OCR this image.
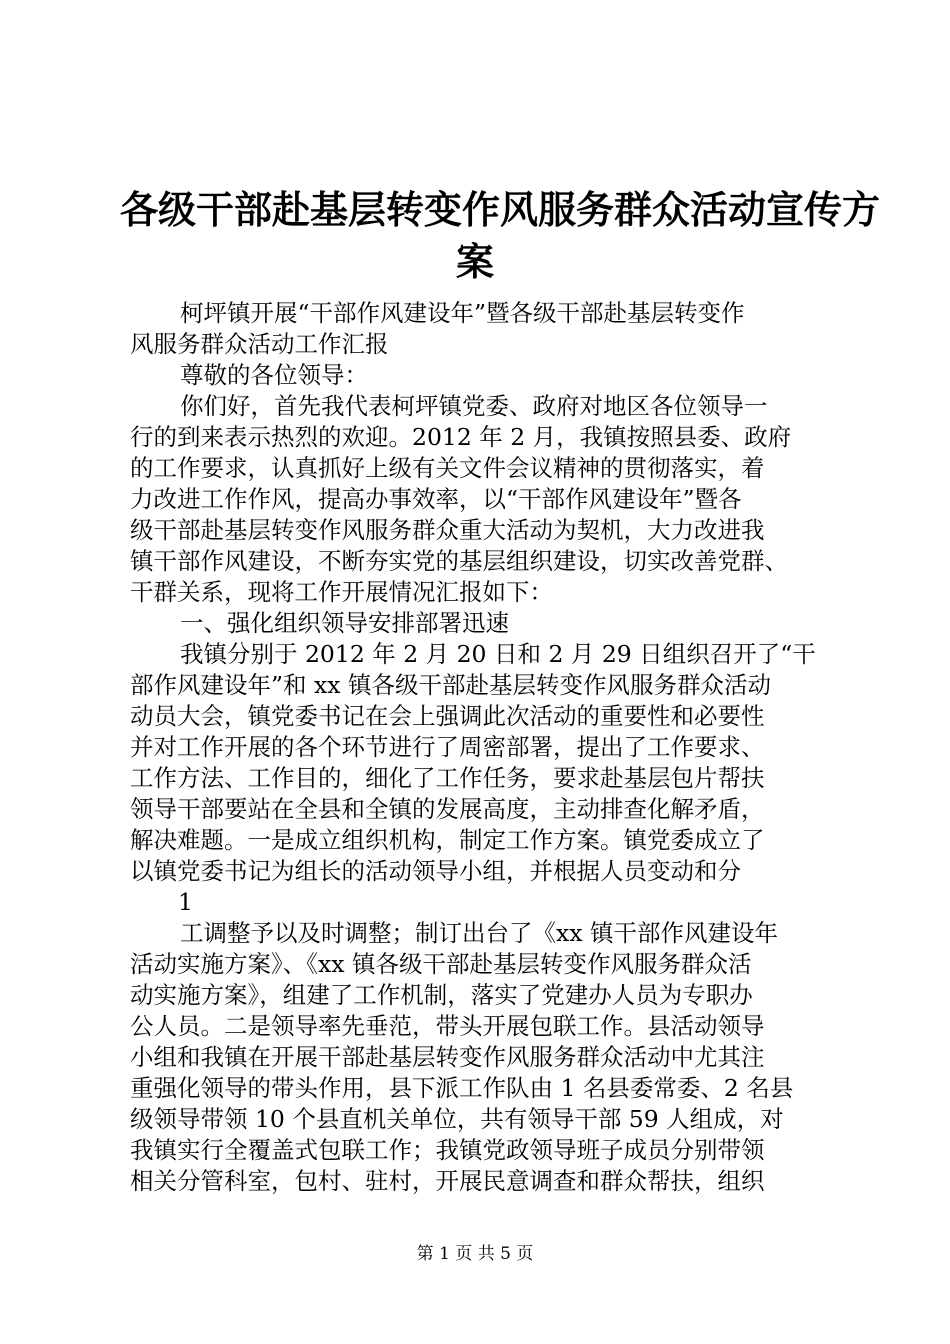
各级干部赴基层转变作风服务群众活动宣传方
案

柯坪镇开展“干部作风建设年”暨各级干部赴基层转变作

风服务群众活动工作汇报

尊敬的各位领导：

你们好，首先我代表柯坪镇党委、政府对地区各位领导一

行的到来表示热烈的欢迎。2012 年 2 月，我镇按照县委、政府

的工作要求，认真抓好上级有关文件会议精神的贯彻落实，着

力改进工作作风，提高办事效率，以“干部作风建设年”暨各

级干部赴基层转变作风服务群众重大活动为契机，大力改进我

镇干部作风建设，不断夯实党的基层组织建设，切实改善党群、

干群关系，现将工作开展情况汇报如下：

一、强化组织领导安排部署迅速

我镇分别于 2012 年 2 月 20 日和 2 月 29 日组织召开了“干

部作风建设年”和 xx 镇各级干部赴基层转变作风服务群众活动

动员大会，镇党委书记在会上强调此次活动的重要性和必要性

并对工作开展的各个环节进行了周密部署，提出了工作要求、

工作方法、工作目的，细化了工作任务，要求赴基层包片帮扶

领导干部要站在全县和全镇的发展高度，主动排查化解矛盾，

解决难题。一是成立组织机构，制定工作方案。镇党委成立了

以镇党委书记为组长的活动领导小组，并根据人员变动和分

1

工调整予以及时调整；制订出台了《xx 镇干部作风建设年

活动实施方案》、《xx 镇各级干部赴基层转变作风服务群众活

动实施方案》，组建了工作机制，落实了党建办人员为专职办

公人员。二是领导率先垂范，带头开展包联工作。县活动领导

小组和我镇在开展干部赴基层转变作风服务群众活动中尤其注

重强化领导的带头作用，县下派工作队由 1 名县委常委、2 名县

级领导带领 10 个县直机关单位，共有领导干部 59 人组成，对

我镇实行全覆盖式包联工作；我镇党政领导班子成员分别带领

相关分管科室，包村、驻村，开展民意调查和群众帮扶，组织

第 1 页 共 5 页
